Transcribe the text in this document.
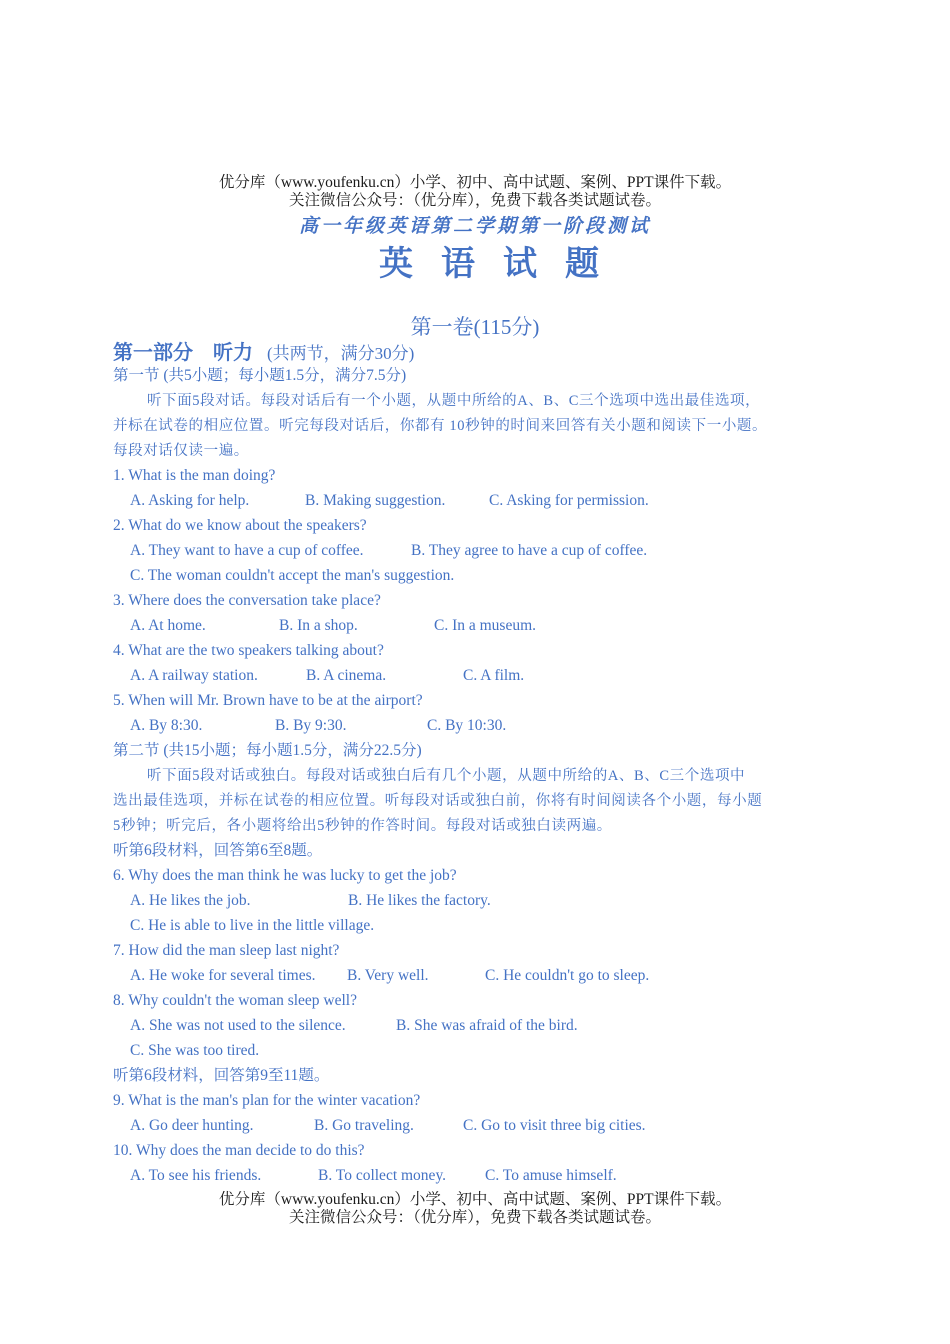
优分库（www.youfenku.cn）小学、初中、高中试题、案例、PPT课件下载。
关注微信公众号：（优分库），免费下载各类试题试卷。
高一年级英语第二学期第一阶段测试
英语试题
第一卷(115分)
第一部分　听力 (共两节，满分30分)
第一节 (共5小题；每小题1.5分，满分7.5分)
听下面5段对话。每段对话后有一个小题，从题中所给的A、B、C三个选项中选出最佳选项，
并标在试卷的相应位置。听完每段对话后，你都有 10秒钟的时间来回答有关小题和阅读下一小题。
每段对话仅读一遍。
1. What is the man doing?
A. Asking for help.	B. Making suggestion.	C. Asking for permission.
2. What do we know about the speakers?
A. They want to have a cup of coffee.	B. They agree to have a cup of coffee.
C. The woman couldn't accept the man's suggestion.
3. Where does the conversation take place?
A. At home.	B. In a shop.	C. In a museum.
4. What are the two speakers talking about?
A. A railway station.	B. A cinema.	C. A film.
5. When will Mr. Brown have to be at the airport?
A. By 8:30.	B. By 9:30.	C. By 10:30.
第二节 (共15小题；每小题1.5分，满分22.5分)
听下面5段对话或独白。每段对话或独白后有几个小题，从题中所给的A、B、C三个选项中
选出最佳选项，并标在试卷的相应位置。听每段对话或独白前，你将有时间阅读各个小题，每小题
5秒钟；听完后，各小题将给出5秒钟的作答时间。每段对话或独白读两遍。
听第6段材料，回答第6至8题。
6. Why does the man think he was lucky to get the job?
A. He likes the job.	B. He likes the factory.
C. He is able to live in the little village.
7. How did the man sleep last night?
A. He woke for several times. B. Very well.	C. He couldn't go to sleep.
8. Why couldn't the woman sleep well?
A. She was not used to the silence.	B. She was afraid of the bird.
C. She was too tired.
听第6段材料，回答第9至11题。
9. What is the man's plan for the winter vacation?
A. Go deer hunting.	B. Go traveling.	C. Go to visit three big cities.
10. Why does the man decide to do this?
A. To see his friends.	B. To collect money.	C. To amuse himself.
优分库（www.youfenku.cn）小学、初中、高中试题、案例、PPT课件下载。
关注微信公众号：（优分库），免费下载各类试题试卷。
